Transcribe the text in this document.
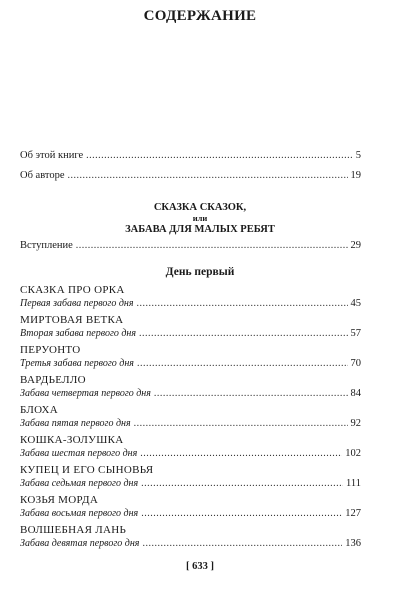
СОДЕРЖАНИЕ
Об этой книге . . .	5
Об авторе . . .	19
СКАЗКА СКАЗОК,
или
ЗАБАВА ДЛЯ МАЛЫХ РЕБЯТ
Вступление . . .	29
День первый
СКАЗКА ПРО ОРКА
Первая забава первого дня . . .	45
МИРТОВАЯ ВЕТКА
Вторая забава первого дня . . .	57
ПЕРУОНТО
Третья забава первого дня . . .	70
ВАРДЬЕЛЛО
Забава четвертая первого дня . . .	84
БЛОХА
Забава пятая первого дня . . .	92
КОШКА-ЗОЛУШКА
Забава шестая первого дня . . .	102
КУПЕЦ И ЕГО СЫНОВЬЯ
Забава седьмая первого дня . . .	111
КОЗЬЯ МОРДА
Забава восьмая первого дня . . .	127
ВОЛШЕБНАЯ ЛАНЬ
Забава девятая первого дня . . .	136
[ 633 ]
